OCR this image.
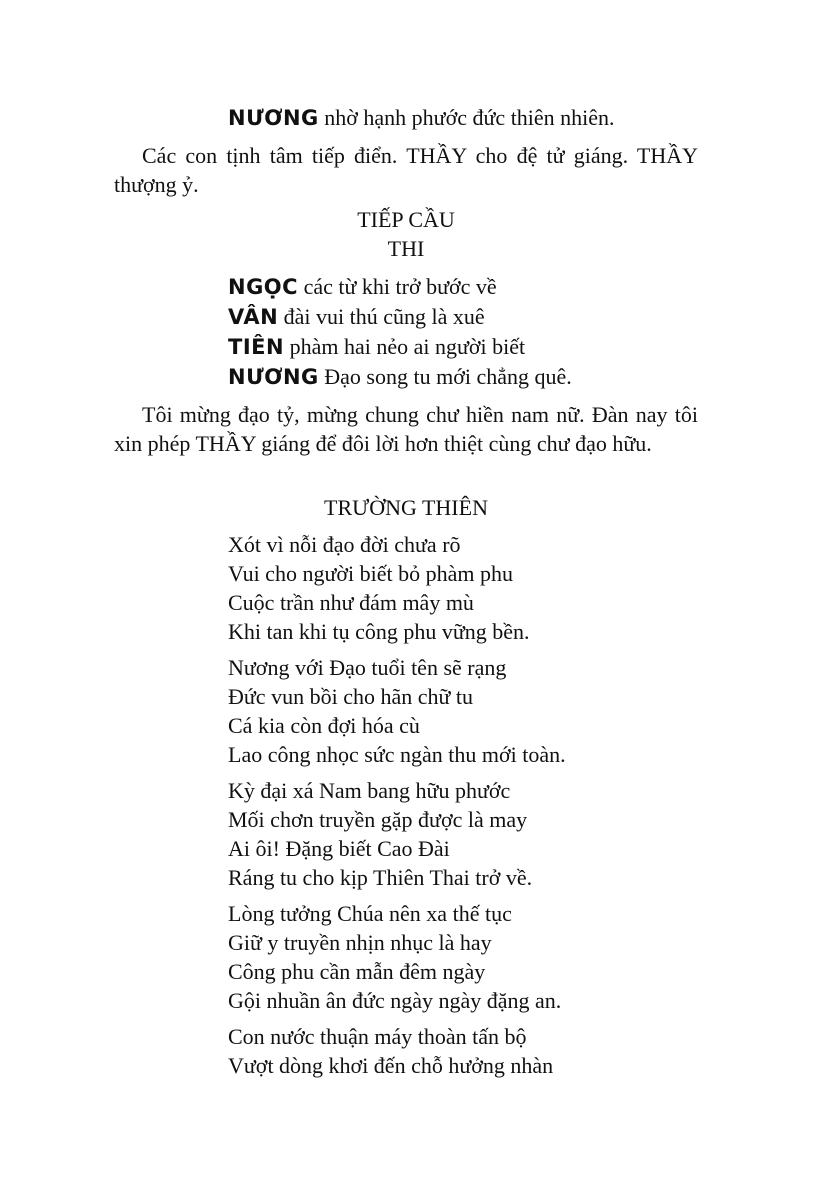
NƯƠNG nhờ hạnh phước đức thiên nhiên.
Các con tịnh tâm tiếp điển. THẦY cho đệ tử giáng. THẦY thượng ỷ.
TIẾP CẦU
THI
NGỌC các từ khi trở bước về
VÂN đài vui thú cũng là xuê
TIÊN phàm hai nẻo ai người biết
NƯƠNG Đạo song tu mới chẳng quê.
Tôi mừng đạo tỷ, mừng chung chư hiền nam nữ. Đàn nay tôi xin phép THẦY giáng để đôi lời hơn thiệt cùng chư đạo hữu.
TRƯỜNG THIÊN
Xót vì nỗi đạo đời chưa rõ
Vui cho người biết bỏ phàm phu
Cuộc trần như đám mây mù
Khi tan khi tụ công phu vững bền.
Nương với Đạo tuổi tên sẽ rạng
Đức vun bồi cho hãn chữ tu
Cá kia còn đợi hóa cù
Lao công nhọc sức ngàn thu mới toàn.
Kỳ đại xá Nam bang hữu phước
Mối chơn truyền gặp được là may
Ai ôi! Đặng biết Cao Đài
Ráng tu cho kịp Thiên Thai trở về.
Lòng tưởng Chúa nên xa thế tục
Giữ y truyền nhịn nhục là hay
Công phu cần mẫn đêm ngày
Gội nhuần ân đức ngày ngày đặng an.
Con nước thuận máy thoàn tấn bộ
Vượt dòng khơi đến chỗ hưởng nhàn
